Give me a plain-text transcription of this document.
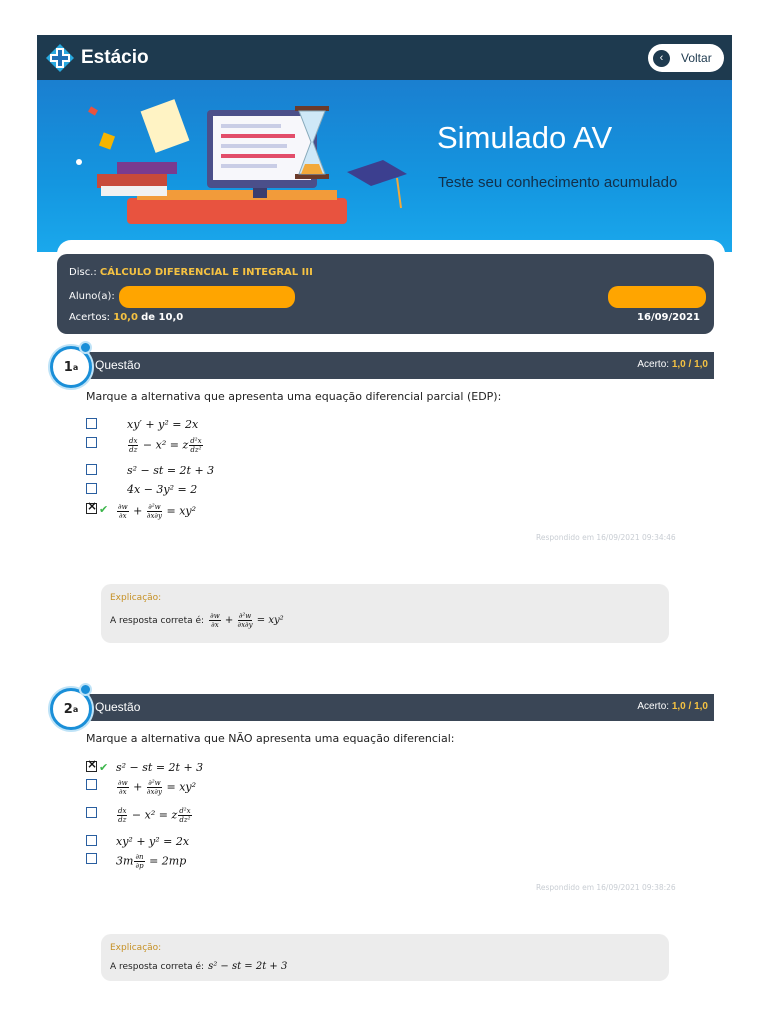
Estácio	‹	Voltar
Simulado AV
Teste seu conhecimento acumulado
Disc.: CÁLCULO DIFERENCIAL E INTEGRAL III
Aluno(a):
Acertos: 10,0 de 10,0	16/09/2021
Questão	Acerto: 1,0 / 1,0
1 a
Marque a alternativa que apresenta uma equação diferencial parcial (EDP):
xy′ + y² = 2x
$\frac{dx}{dz} - x^2 = z \frac{\text{d²x}}{\text{dz²}}$
s² − st = 2t + 3
4x − 3y² = 2
×
✔	$\frac{\partial w}{\partial x} + \frac{\text{∂²w}}{\partial x\partial y} = xy^2$
Respondido em 16/09/2021 09:34:46
Explicação:
A resposta correta é: $\frac{\partial w}{\partial x} + \frac{\text{∂²w}}{\partial x\partial y} = xy^2$
Questão	Acerto: 1,0 / 1,0
2 a
Marque a alternativa que NÃO apresenta uma equação diferencial:
×
✔ s² − st = 2t + 3
$\frac{\partial w}{\partial x} + \frac{\text{∂²w}}{\partial x\partial y} = xy^2$
$\frac{dx}{dz} - x^2 = z \frac{\text{d²x}}{\text{dz²}}$
xy² + y² = 2x
$3m \frac{\partial n}{\partial p} = 2mp$
Respondido em 16/09/2021 09:38:26
Explicação:
A resposta correta é: s² − st = 2t + 3
